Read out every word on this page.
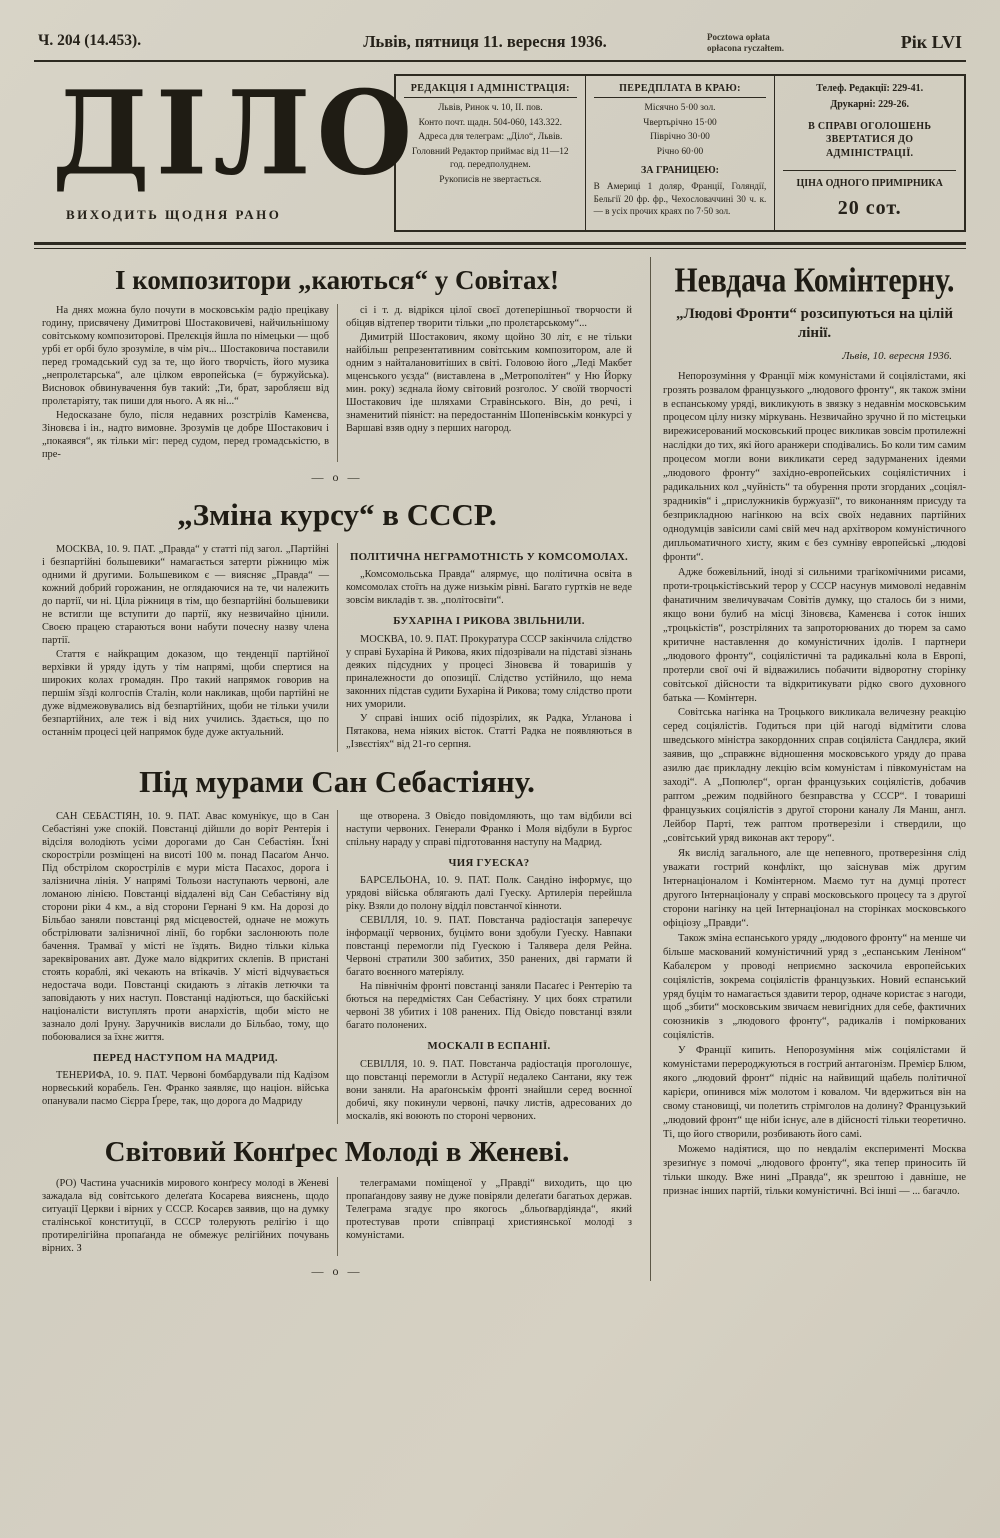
Ч. 204 (14.453).	Львів, пятниця 11. вересня 1936.	Pocztowa opłata
opłacona ryczałtem.	Рік LVI
ДІЛО
ВИХОДИТЬ ЩОДНЯ РАНО
РЕДАКЦІЯ І АДМІНІСТРАЦІЯ:

Львів, Ринок ч. 10, II. пов.

Конто почт. щадн. 504-060, 143.322.

Адреса для телеграм: „Діло“, Львів.

Головний Редактор приймає від 11—12 год. передполуднем.

Рукописів не звертається.

ПЕРЕДПЛАТА В КРАЮ:

Місячно 5·00 зол.

Чвертьрічно 15·00

Піврічно 30·00

Річно 60·00

ЗА ГРАНИЦЕЮ:
В Америці 1 доляр, Франції, Голяндії, Бельгії 20 фр. фр., Чехословаччині 30 ч. к. — в усіх прочих краях по 7·50 зол.
Телеф. Редакції: 229-41.
Друкарні: 229-26.
В СПРАВІ ОГОЛОШЕНЬ ЗВЕРТАТИСЯ ДО АДМІНІСТРАЦІЇ.
ЦІНА ОДНОГО ПРИМІРНИКА
20 сот.
І композитори „каються“ у Совітах!

На днях можна було почути в московськім радіо прецікаву годину, присвячену Димитрові Шостаковичеві, найчильнішому совітському композиторові. Прелєкція йшла по німецьки — щоб урбі ет орбі було зрозуміле, в чім річ... Шостаковича поставили перед громадський суд за те, що його творчість, його музика „непролєтарська“, але цілком европейська (= буржуйська). Висновок обвинувачення був такий: „Ти, брат, заробляєш від пролєтаріяту, так пиши для нього. А як ні...“

Недосказане було, після недавних розстрілів Каменєва, Зіновєва і ін., надто вимовне. Зрозумів це добре Шостакович і „покаявся“, як тільки міг: перед судом, перед громадськістю, в пре-

сі і т. д. відрікся цілої своєї дотеперішньої творчости й обіцяв відтепер творити тільки „по пролєтарському“...

Димитрій Шостакович, якому щойно 30 літ, є не тільки найбільш репрезентативним совітським композитором, але й одним з найталановитіших в світі. Головою його „Леді Макбет мценського уєзда“ (виставлена в „Метрополітен“ у Ню Йорку мин. року) зєднала йому світовий розголос. У своїй творчості Шостакович іде шляхами Стравінського. Він, до речі, і знаменитий піяніст: на передостаннім Шопенівськім конкурсі у Варшаві взяв одну з перших нагород.

— о —
„Зміна курсу“ в СССР.

МОСКВА, 10. 9. ПАТ. „Правда“ у статті під загол. „Партійні і безпартійні большевики“ намагається затерти ріжницю між одними й другими. Большевиком є — виясняє „Правда“ — кожний добрий горожанин, не оглядаючися на те, чи належить до партії, чи ні. Ціла ріжниця в тім, що безпартійні большевики не встигли ще вступити до партії, яку незвичайно цінили. Своєю працею стараються вони набути почесну назву члена партії.

Стаття є найкращим доказом, що тенденції партійної верхівки й уряду ідуть у тім напрямі, щоби спертися на широких колах громадян. Про такий напрямок говорив на першім зїзді колгоспів Сталін, коли накликав, щоби партійні не дуже відмежовувались від безпартійних, щоби не тільки учили безпартійних, але теж і від них учились. Здається, що по останнім процесі цей напрямок буде дуже актуальний.

ПОЛІТИЧНА НЕГРАМОТНІСТЬ У КОМСОМОЛАХ.

„Комсомольська Правда“ алярмує, що політична освіта в комсомолах стоїть на дуже низькім рівні. Багато гуртків не веде зовсім викладів т. зв. „політосвіти“.

БУХАРІНА І РИКОВА ЗВІЛЬНИЛИ.

МОСКВА, 10. 9. ПАТ. Прокуратура СССР закінчила слідство у справі Бухаріна й Рикова, яких підозрівали на підставі зізнань деяких підсудних у процесі Зіновєва й товаришів у приналежности до опозиції. Слідство устійнило, що нема законних підстав судити Бухаріна й Рикова; тому слідство проти них уморили.

У справі інших осіб підозрілих, як Радка, Угланова і Пятакова, нема ніяких вісток. Статті Радка не появляються в „Ізвєстіях“ від 21-го серпня.

Під мурами Сан Себастіяну.

САН СЕБАСТІЯН, 10. 9. ПАТ. Авас комунікує, що в Сан Себастіяні уже спокій. Повстанці дійшли до воріт Рентерія і відсіля володіють усіми дорогами до Сан Себастіян. Їхні скоростріли розміщені на висоті 100 м. понад Пасаґом Анчо. Під обстрілом скорострілів є мури міста Пасахос, дорога і залізнична лінія. У напрямі Тольози наступають червоні, але ломаною лінією. Повстанці віддалені від Сан Себастіяну від сторони ріки 4 км., а від сторони Гернані 9 км. На дорозі до Більбао заняли повстанці ряд місцевостей, одначе не можуть обстрілювати залізничної лінії, бо горбки заслонюють поле бачення. Трамваї у місті не їздять. Видно тільки кілька зареквірованих авт. Дуже мало відкритих склепів. В пристані стоять кораблі, які чекають на втікачів. У місті відчувається недостача води. Повстанці скидають з літаків летючки та заповідають у них наступ. Повстанці надіються, що баскійські націоналісти виступлять проти анархістів, щоби місто не зазнало долі Іруну. Заручників вислали до Більбао, тому, що побоювалися за їхнє життя.

ПЕРЕД НАСТУПОМ НА МАДРИД.

ТЕНЕРИФА, 10. 9. ПАТ. Червоні бомбардували під Кадізом норвеський корабель. Ген. Франко заявляє, що націон. війська опанували пасмо Сієрра Ґрере, так, що дорога до Мадриду

ще отворена. З Овієдо повідомляють, що там відбили всі наступи червоних. Генерали Франко і Моля відбули в Бурґос спільну нараду у справі підготовання наступу на Мадрид.

ЧИЯ ГУЕСКА?

БАРСЕЛЬОНА, 10. 9. ПАТ. Полк. Сандіно інформує, що урядові війська облягають далі Гуеску. Артилерія перейшла ріку. Взяли до полону відділ повстанчої кінноти.

СЕВІЛЛЯ, 10. 9. ПАТ. Повстанча радіостація заперечує інформації червоних, буцімто вони здобули Гуеску. Навпаки повстанці перемогли під Гуескою і Талявера деля Рейна. Червоні стратили 300 забитих, 350 ранених, дві гармати й багато воєнного матеріялу.

На північнім фронті повстанці заняли Пасаґес і Рентерію та бються на передмістях Сан Себастіяну. У цих боях стратили червоні 38 убитих і 108 ранених. Під Овієдо повстанці взяли багато полонених.

МОСКАЛІ В ЕСПАНІЇ.

СЕВІЛЛЯ, 10. 9. ПАТ. Повстанча радіостація проголошує, що повстанці перемогли в Астурії недалеко Сантани, яку теж вони заняли. На араґонськім фронті знайшли серед воєнної добичі, яку покинули червоні, пачку листів, адресованих до москалів, які воюють по стороні червоних.

Світовий Конґрес Молоді в Женеві.

(РО) Частина учасників мирового конґресу молоді в Женеві зажадала від совітського делеґата Косарева вияснень, щодо ситуації Церкви і вірних у СССР. Косарєв заявив, що на думку сталінської конституції, в СССР толерують релігію і що протирелігійна пропаґанда не обмежує релігійних почувань вірних. З

телеграмами поміщеної у „Правді“ виходить, що цю пропаґандову заяву не дуже повіряли делеґати багатьох держав. Телеграма згадує про якогось „бльоґвардіянда“, який протестував проти співпраці християнської молоді з комуністами.

— о —
Невдача Комінтерну.
„Людові Фронти“ розсипуються на цілій лінії.
Львів, 10. вересня 1936.

Непорозуміння у Франції між комуністами й соціялістами, які грозять розвалом французького „людового фронту“, як також зміни в еспанському уряді, викликують в звязку з недавнім московським процесом цілу низку міркувань. Незвичайно зручно й по містецьки вирежисерований московський процес викликав зовсім протилежні наслідки до тих, які його аранжери сподівались. Бо коли тим самим процесом могли вони викликати серед задурманених ідеями „людового фронту“ західно-европейських соціялістичних і радикальних кол „чуйність“ та обурення проти згорданих „соціял-зрадників“ і „прислужників буржуазії“, то виконанням присуду та безприкладною нагінкою на всіх своїх недавних партійних однодумців завісили самі свій меч над архітвором комуністичного дипльоматичного хисту, яким є без сумніву европейські „людові фронти“.

Адже божевільний, іноді зі сильними трагікомічними рисами, проти-троцькістівський терор у СССР насунув мимоволі недавнім фанатичним звеличувачам Совітів думку, що сталось би з ними, якщо вони булиб на місці Зіновєва, Каменєва і соток інших „троцькістів“, розстріляних та запроторюваних до тюрем за само критичне наставлення до комуністичних ідолів. І партнери „людового фронту“, соціялістичні та радикальні кола в Европі, протерли свої очі й відважились побачити відворотну сторінку совітської дійсности та відкритикувати рідко свого духовного батька — Комінтерн.

Совітська нагінка на Троцького викликала величезну реакцію серед соціялістів. Годиться при цій нагоді відмітити слова шведського міністра закордонних справ соціяліста Сандлєра, який заявив, що „справжнє відношення московського уряду до права азилю дає прикладну лекцію всім комуністам і півкомуністам на заході“. А „Попюлєр“, орган французьких соціялістів, добачив раптом „режим подвійного безправства у СССР“. І товариші французьких соціялістів з другої сторони каналу Ля Манш, англ. Лейбор Парті, теж раптом протверезіли і ствердили, що „совітський уряд виконав акт терору“.

Як вислід загального, але ще непевного, протверезіння слід уважати гострий конфлікт, що заіснував між другим Інтернаціоналом і Комінтерном. Маємо тут на думці протест другого Інтернаціоналу у справі московського процесу та з другої сторони нагінку на цей Інтернаціонал на сторінках московського офіціозу „Правди“.

Також зміна еспанського уряду „людового фронту“ на менше чи більше маскований комуністичний уряд з „еспанським Леніном“ Кабалєром у проводі неприємно заскочила европейських соціялістів, зокрема соціялістів французьких. Новий еспанський уряд буцім то намагається здавити терор, одначе користає з нагоди, щоб „збити“ московським звичаєм невигідних для себе, фактичних союзників з „людового фронту“, радикалів і поміркованих соціялістів.

У Франції кипить. Непорозуміння між соціялістами й комуністами перероджуються в гострий антагонізм. Премієр Блюм, якого „людовий фронт“ підніс на найвищий щабель політичної карієри, опинився між молотом і ковалом. Чи вдержиться він на свому становищі, чи полетить стрімголов на долину? Французький „людовий фронт“ ще ніби існує, але в дійсності тільки теоретично. Ті, що його створили, розбивають його самі.

Можемо надіятися, що по невдалім експерименті Москва зрезиґнує з помочі „людового фронту“, яка тепер приносить їй тільки шкоду. Вже нині „Правда“, як зрештою і давніше, не признає інших партій, тільки комуністичні. Всі інші — ... багачло.
